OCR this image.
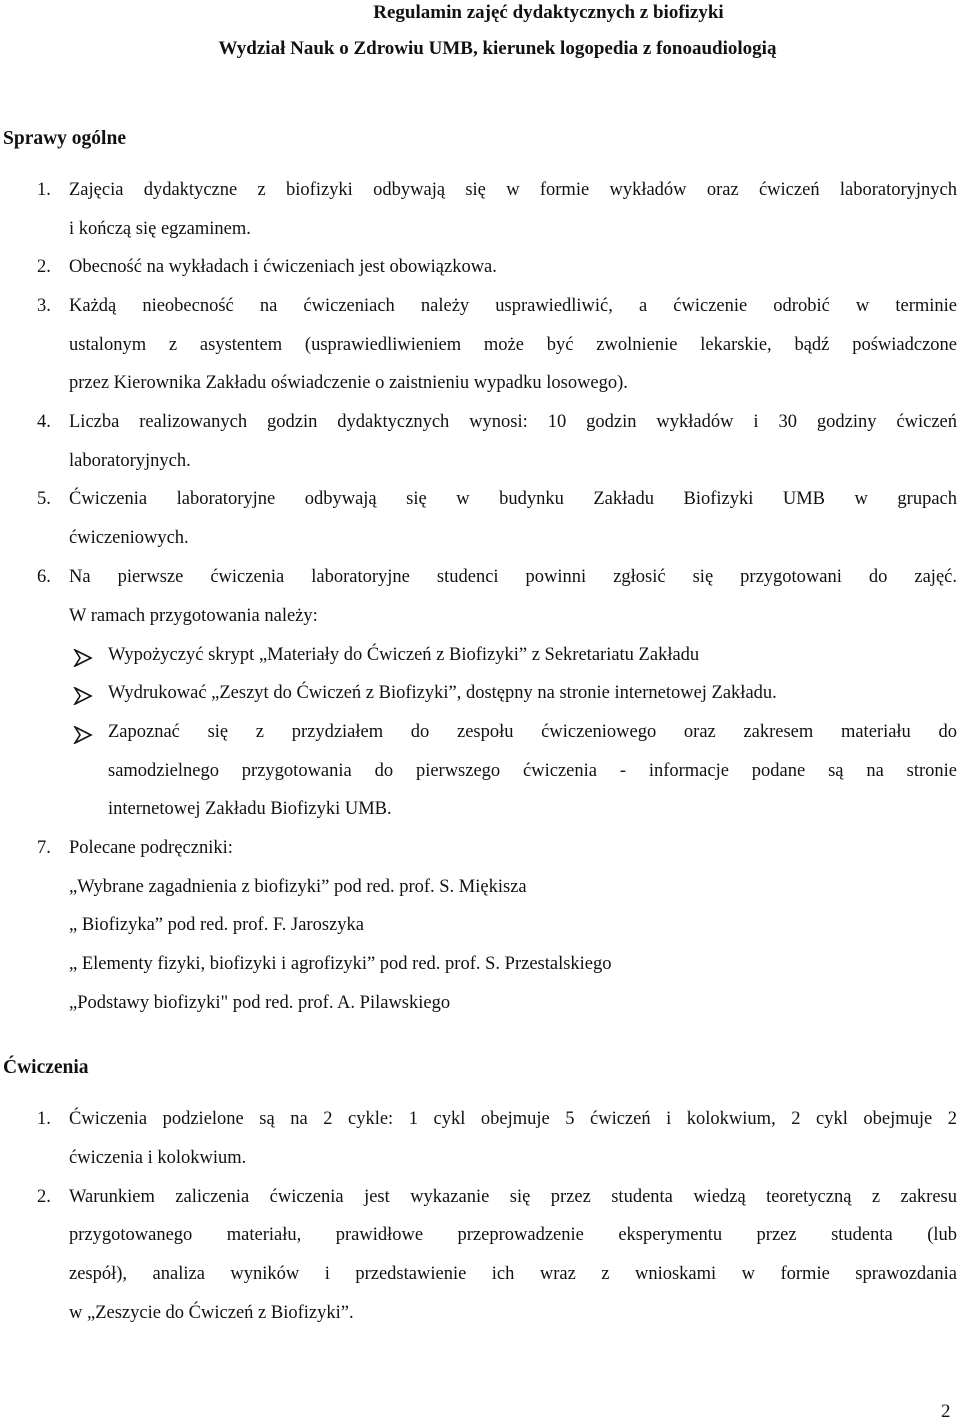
Regulamin zajęć dydaktycznych z biofizyki
Wydział Nauk o Zdrowiu UMB, kierunek logopedia z fonoaudiologią
Sprawy ogólne
1. Zajęcia dydaktyczne z biofizyki odbywają się w formie wykładów oraz ćwiczeń laboratoryjnych
i kończą się egzaminem.
2. Obecność na wykładach i ćwiczeniach jest obowiązkowa.
3. Każdą nieobecność na ćwiczeniach należy usprawiedliwić, a ćwiczenie odrobić w terminie
ustalonym z asystentem (usprawiedliwieniem może być zwolnienie lekarskie, bądź poświadczone
przez Kierownika Zakładu oświadczenie o zaistnieniu wypadku losowego).
4. Liczba realizowanych godzin dydaktycznych wynosi: 10 godzin wykładów i 30 godziny ćwiczeń
laboratoryjnych.
5. Ćwiczenia laboratoryjne odbywają się w budynku Zakładu Biofizyki UMB w grupach
ćwiczeniowych.
6. Na pierwsze ćwiczenia laboratoryjne studenci powinni zgłosić się przygotowani do zajęć.
W ramach przygotowania należy:
Wypożyczyć skrypt „Materiały do Ćwiczeń z Biofizyki” z Sekretariatu Zakładu
Wydrukować „Zeszyt do Ćwiczeń z Biofizyki”, dostępny na stronie internetowej Zakładu.
Zapoznać się z przydziałem do zespołu ćwiczeniowego oraz zakresem materiału do
samodzielnego przygotowania do pierwszego ćwiczenia - informacje podane są na stronie
internetowej Zakładu Biofizyki UMB.
7. Polecane podręczniki:
„Wybrane zagadnienia z biofizyki” pod red. prof. S. Miękisza
„ Biofizyka” pod red. prof. F. Jaroszyka
„ Elementy fizyki, biofizyki i agrofizyki” pod red. prof. S. Przestalskiego
„Podstawy biofizyki" pod red. prof. A. Pilawskiego
Ćwiczenia
1. Ćwiczenia podzielone są na 2 cykle: 1 cykl obejmuje 5 ćwiczeń i kolokwium, 2 cykl obejmuje 2
ćwiczenia i kolokwium.
2. Warunkiem zaliczenia ćwiczenia jest wykazanie się przez studenta wiedzą teoretyczną z zakresu
przygotowanego materiału, prawidłowe przeprowadzenie eksperymentu przez studenta (lub
zespół), analiza wyników i przedstawienie ich wraz z wnioskami w formie sprawozdania
w „Zeszycie do Ćwiczeń z Biofizyki”.
2
